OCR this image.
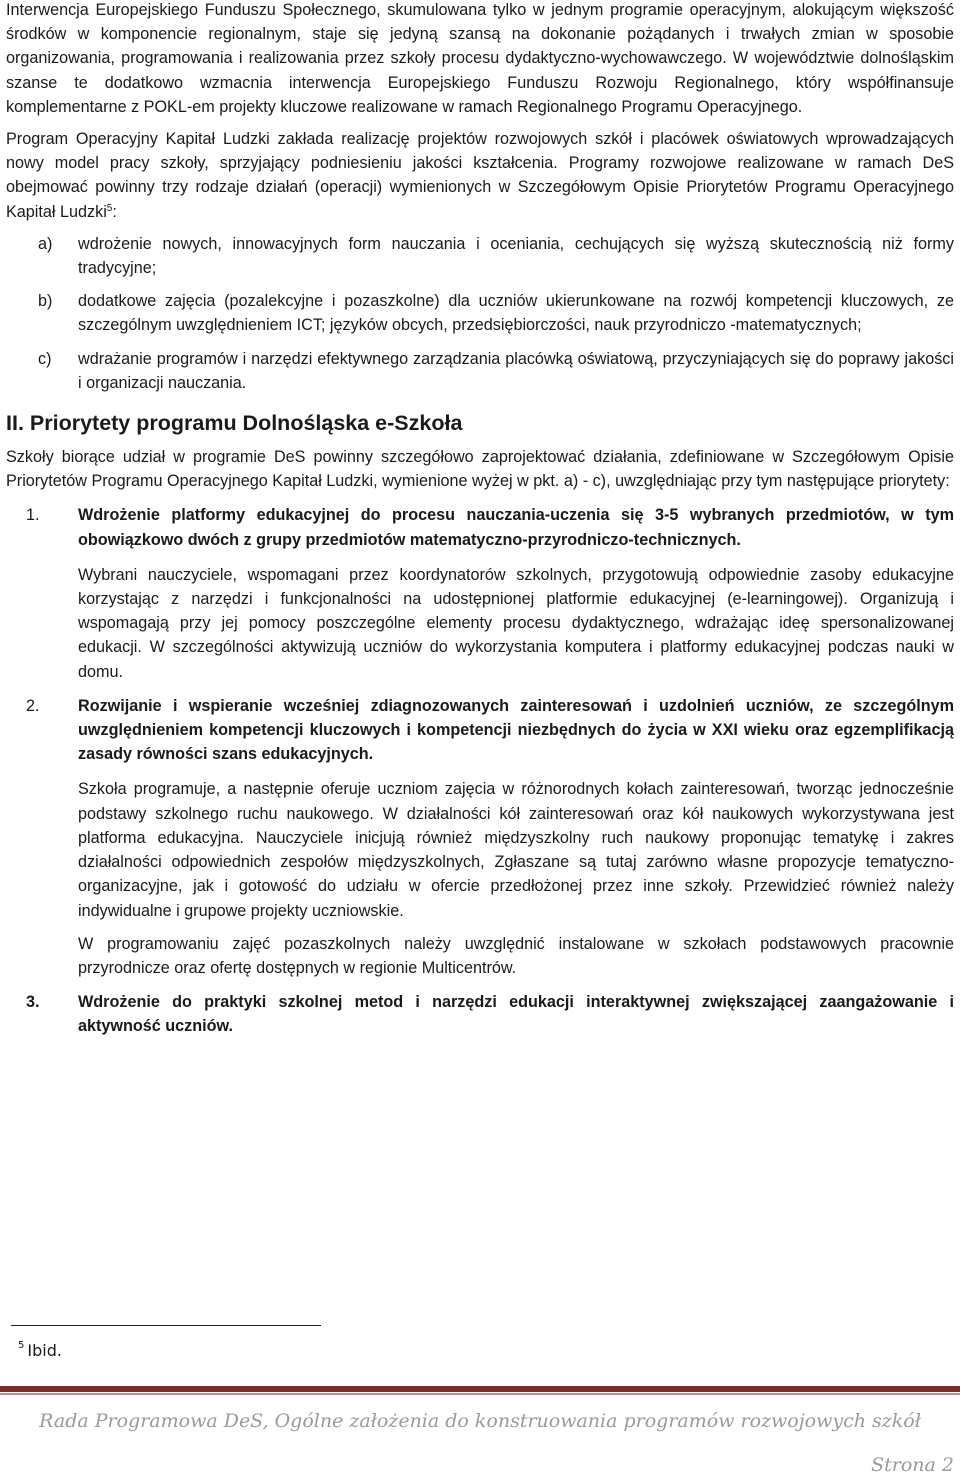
Interwencja Europejskiego Funduszu Społecznego, skumulowana tylko w jednym programie operacyjnym, alokującym większość środków w komponencie regionalnym, staje się jedyną szansą na dokonanie pożądanych i trwałych zmian w sposobie organizowania, programowania i realizowania przez szkoły procesu dydaktyczno-wychowawczego. W województwie dolnośląskim szanse te dodatkowo wzmacnia interwencja Europejskiego Funduszu Rozwoju Regionalnego, który współfinansuje komplementarne z POKL-em projekty kluczowe realizowane w ramach Regionalnego Programu Operacyjnego.

Program Operacyjny Kapitał Ludzki zakłada realizację projektów rozwojowych szkół i placówek oświatowych wprowadzających nowy model pracy szkoły, sprzyjający podniesieniu jakości kształcenia. Programy rozwojowe realizowane w ramach DeS obejmować powinny trzy rodzaje działań (operacji) wymienionych w Szczegółowym Opisie Priorytetów Programu Operacyjnego Kapitał Ludzki$^5$:

a)	wdrożenie nowych, innowacyjnych form nauczania i oceniania, cechujących się wyższą skutecznością niż formy tradycyjne;
b)	dodatkowe zajęcia (pozalekcyjne i pozaszkolne) dla uczniów ukierunkowane na rozwój kompetencji kluczowych, ze szczególnym uwzględnieniem ICT; języków obcych, przedsiębiorczości, nauk przyrodniczo -matematycznych;
c)	wdrażanie programów i narzędzi efektywnego zarządzania placówką oświatową, przyczyniających się do poprawy jakości i organizacji nauczania.
II. Priorytety programu Dolnośląska e-Szkoła

Szkoły biorące udział w programie DeS powinny szczegółowo zaprojektować działania, zdefiniowane w Szczegółowym Opisie Priorytetów Programu Operacyjnego Kapitał Ludzki, wymienione wyżej w pkt. a) - c), uwzględniając przy tym następujące priorytety:

1.	Wdrożenie platformy edukacyjnej do procesu nauczania-uczenia się 3-5 wybranych przedmiotów, w tym obowiązkowo dwóch z grupy przedmiotów matematyczno-przyrodniczo-technicznych.
Wybrani nauczyciele, wspomagani przez koordynatorów szkolnych, przygotowują odpowiednie zasoby edukacyjne korzystając z narzędzi i funkcjonalności na udostępnionej platformie edukacyjnej (e-learningowej). Organizują i wspomagają przy jej pomocy poszczególne elementy procesu dydaktycznego, wdrażając ideę spersonalizowanej edukacji. W szczególności aktywizują uczniów do wykorzystania komputera i platformy edukacyjnej podczas nauki w domu.
2.	Rozwijanie i wspieranie wcześniej zdiagnozowanych zainteresowań i uzdolnień uczniów, ze szczególnym uwzględnieniem kompetencji kluczowych i kompetencji niezbędnych do życia w XXI wieku oraz egzemplifikacją zasady równości szans edukacyjnych.
Szkoła programuje, a następnie oferuje uczniom zajęcia w różnorodnych kołach zainteresowań, tworząc jednocześnie podstawy szkolnego ruchu naukowego. W działalności kół zainteresowań oraz kół naukowych wykorzystywana jest platforma edukacyjna. Nauczyciele inicjują również międzyszkolny ruch naukowy proponując tematykę i zakres działalności odpowiednich zespołów międzyszkolnych, Zgłaszane są tutaj zarówno własne propozycje tematyczno-organizacyjne, jak i gotowość do udziału w ofercie przedłożonej przez inne szkoły. Przewidzieć również należy indywidualne i grupowe projekty uczniowskie.
W programowaniu zajęć pozaszkolnych należy uwzględnić instalowane w szkołach podstawowych pracownie przyrodnicze oraz ofertę dostępnych w regionie Multicentrów.
3.	Wdrożenie do praktyki szkolnej metod i narzędzi edukacji interaktywnej zwiększającej zaangażowanie i aktywność uczniów.
$^5$ Ibid.
Rada Programowa DeS, Ogólne założenia do konstruowania programów rozwojowych szkół
Strona 2
